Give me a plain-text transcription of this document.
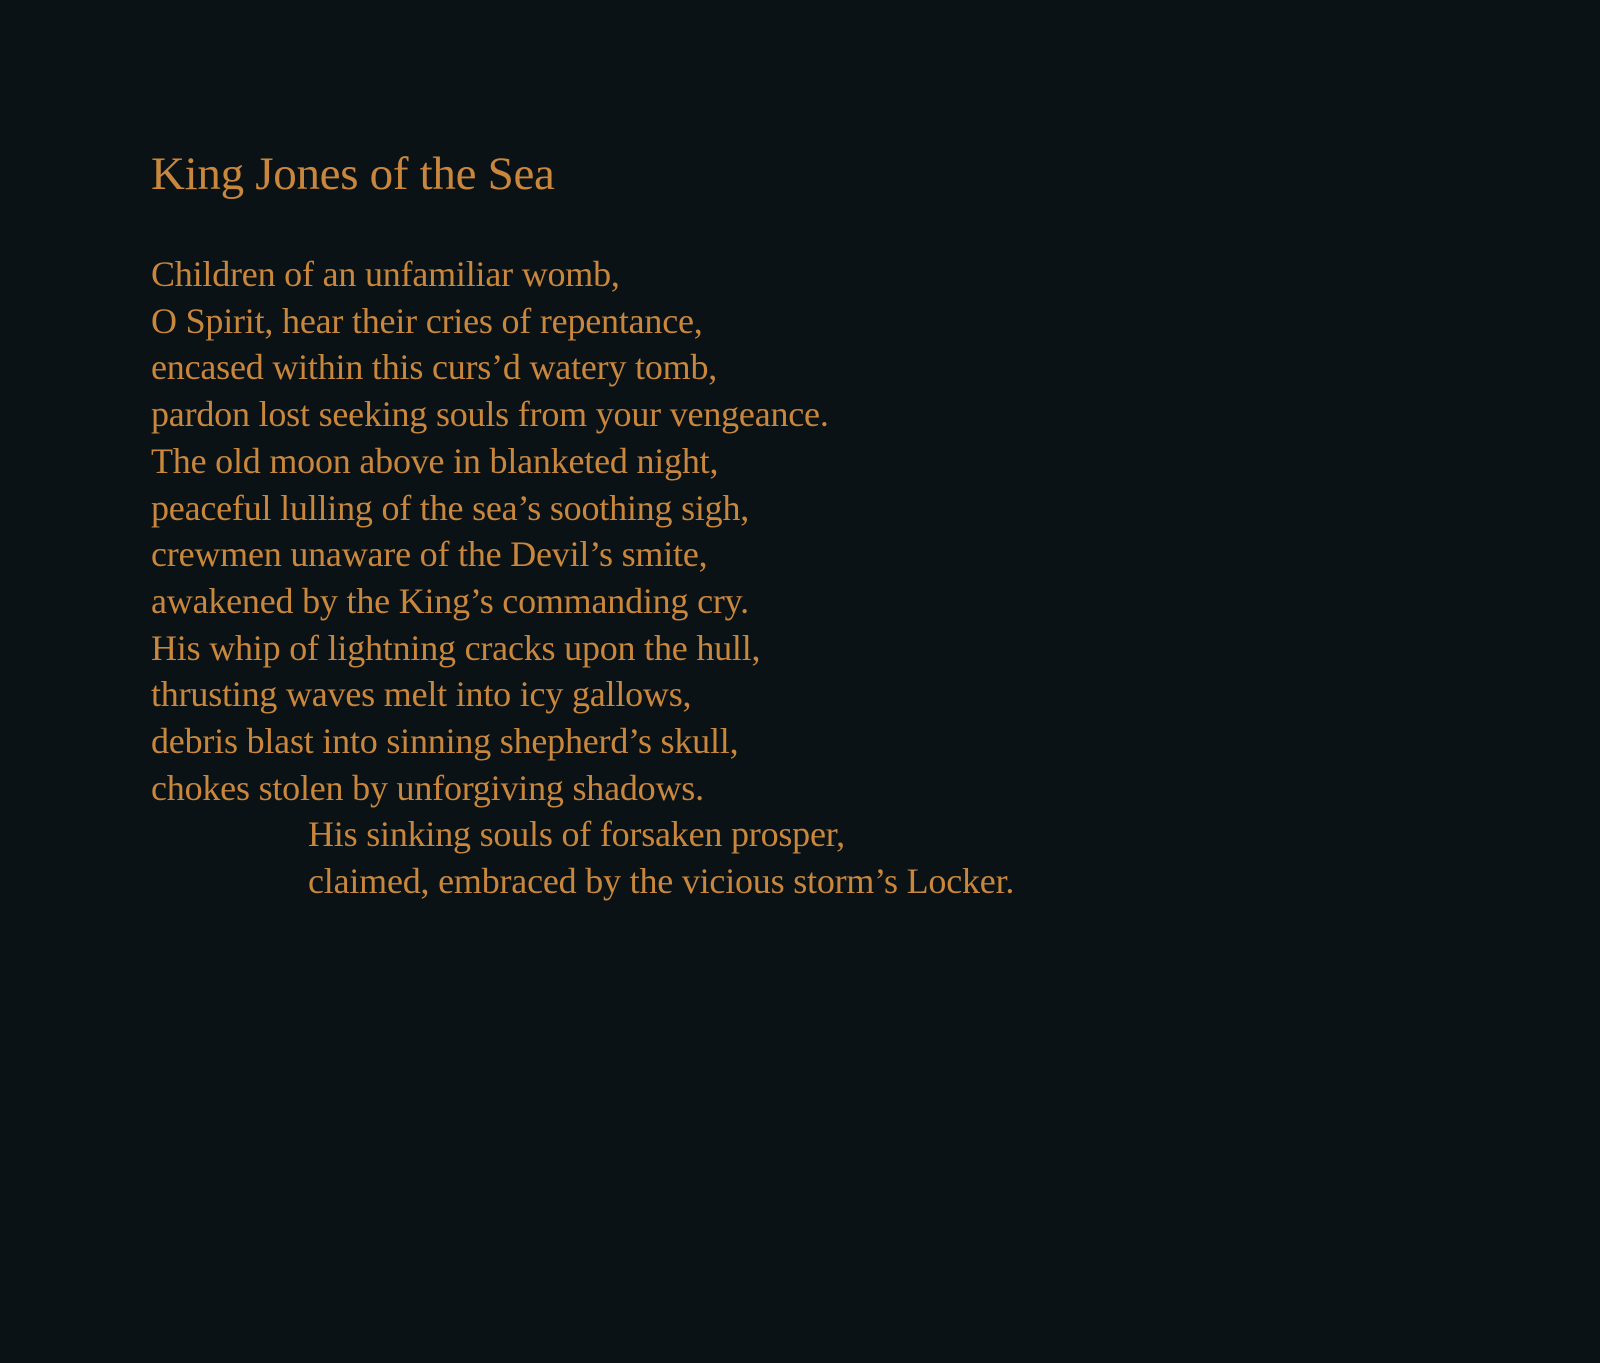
King Jones of the Sea
Children of an unfamiliar womb,
O Spirit, hear their cries of repentance,
encased within this curs’d watery tomb,
pardon lost seeking souls from your vengeance.
The old moon above in blanketed night,
peaceful lulling of the sea’s soothing sigh,
crewmen unaware of the Devil’s smite,
awakened by the King’s commanding cry.
His whip of lightning cracks upon the hull,
thrusting waves melt into icy gallows,
debris blast into sinning shepherd’s skull,
chokes stolen by unforgiving shadows.
His sinking souls of forsaken prosper,
claimed, embraced by the vicious storm’s Locker.
